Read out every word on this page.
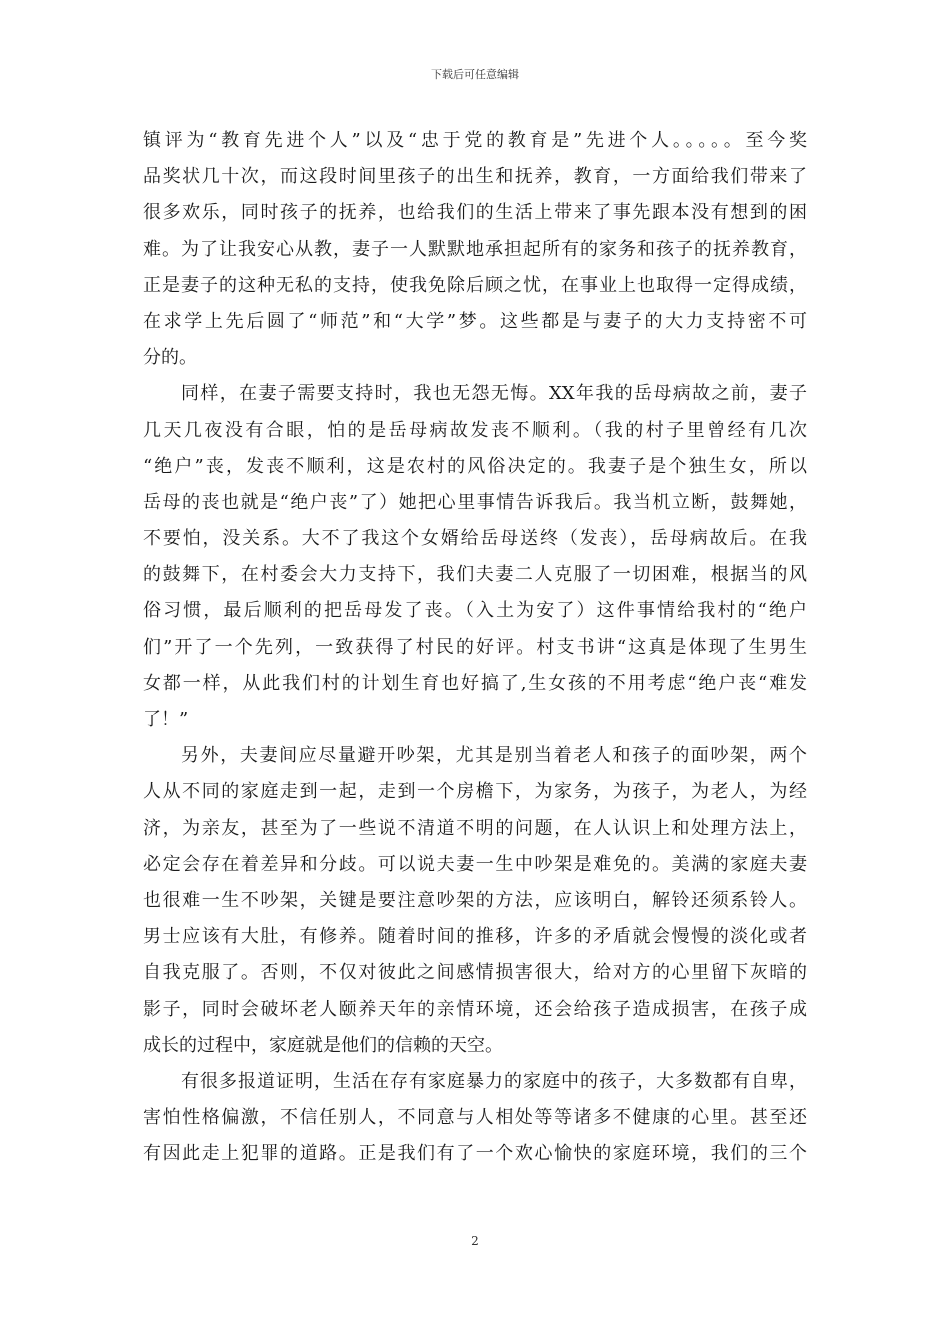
下载后可任意编辑
镇评为“教育先进个人”以及“忠于党的教育是”先进个人。。。。。至今奖
品奖状几十次，而这段时间里孩子的出生和抚养，教育，一方面给我们带来了
很多欢乐，同时孩子的抚养，也给我们的生活上带来了事先跟本没有想到的困
难。为了让我安心从教，妻子一人默默地承担起所有的家务和孩子的抚养教育，
正是妻子的这种无私的支持，使我免除后顾之忧，在事业上也取得一定得成绩，
在求学上先后圆了“师范”和“大学”梦。这些都是与妻子的大力支持密不可
分的。
同样，在妻子需要支持时，我也无怨无悔。XX年我的岳母病故之前，妻子
几天几夜没有合眼，怕的是岳母病故发丧不顺利。（我的村子里曾经有几次
“绝户”丧，发丧不顺利，这是农村的风俗决定的。我妻子是个独生女，所以
岳母的丧也就是“绝户丧”了）她把心里事情告诉我后。我当机立断，鼓舞她，
不要怕，没关系。大不了我这个女婿给岳母送终（发丧），岳母病故后。在我
的鼓舞下，在村委会大力支持下，我们夫妻二人克服了一切困难，根据当的风
俗习惯，最后顺利的把岳母发了丧。（入土为安了）这件事情给我村的“绝户
们”开了一个先列，一致获得了村民的好评。村支书讲“这真是体现了生男生
女都一样，从此我们村的计划生育也好搞了,生女孩的不用考虑“绝户丧“难发
了！”
另外，夫妻间应尽量避开吵架，尤其是别当着老人和孩子的面吵架，两个
人从不同的家庭走到一起，走到一个房檐下，为家务，为孩子，为老人，为经
济，为亲友，甚至为了一些说不清道不明的问题，在人认识上和处理方法上，
必定会存在着差异和分歧。可以说夫妻一生中吵架是难免的。美满的家庭夫妻
也很难一生不吵架，关键是要注意吵架的方法，应该明白，解铃还须系铃人。
男士应该有大肚，有修养。随着时间的推移，许多的矛盾就会慢慢的淡化或者
自我克服了。否则，不仅对彼此之间感情损害很大，给对方的心里留下灰暗的
影子，同时会破坏老人颐养天年的亲情环境，还会给孩子造成损害，在孩子成
成长的过程中，家庭就是他们的信赖的天空。
有很多报道证明，生活在存有家庭暴力的家庭中的孩子，大多数都有自卑，
害怕性格偏激，不信任别人，不同意与人相处等等诸多不健康的心里。甚至还
有因此走上犯罪的道路。正是我们有了一个欢心愉快的家庭环境，我们的三个
2
